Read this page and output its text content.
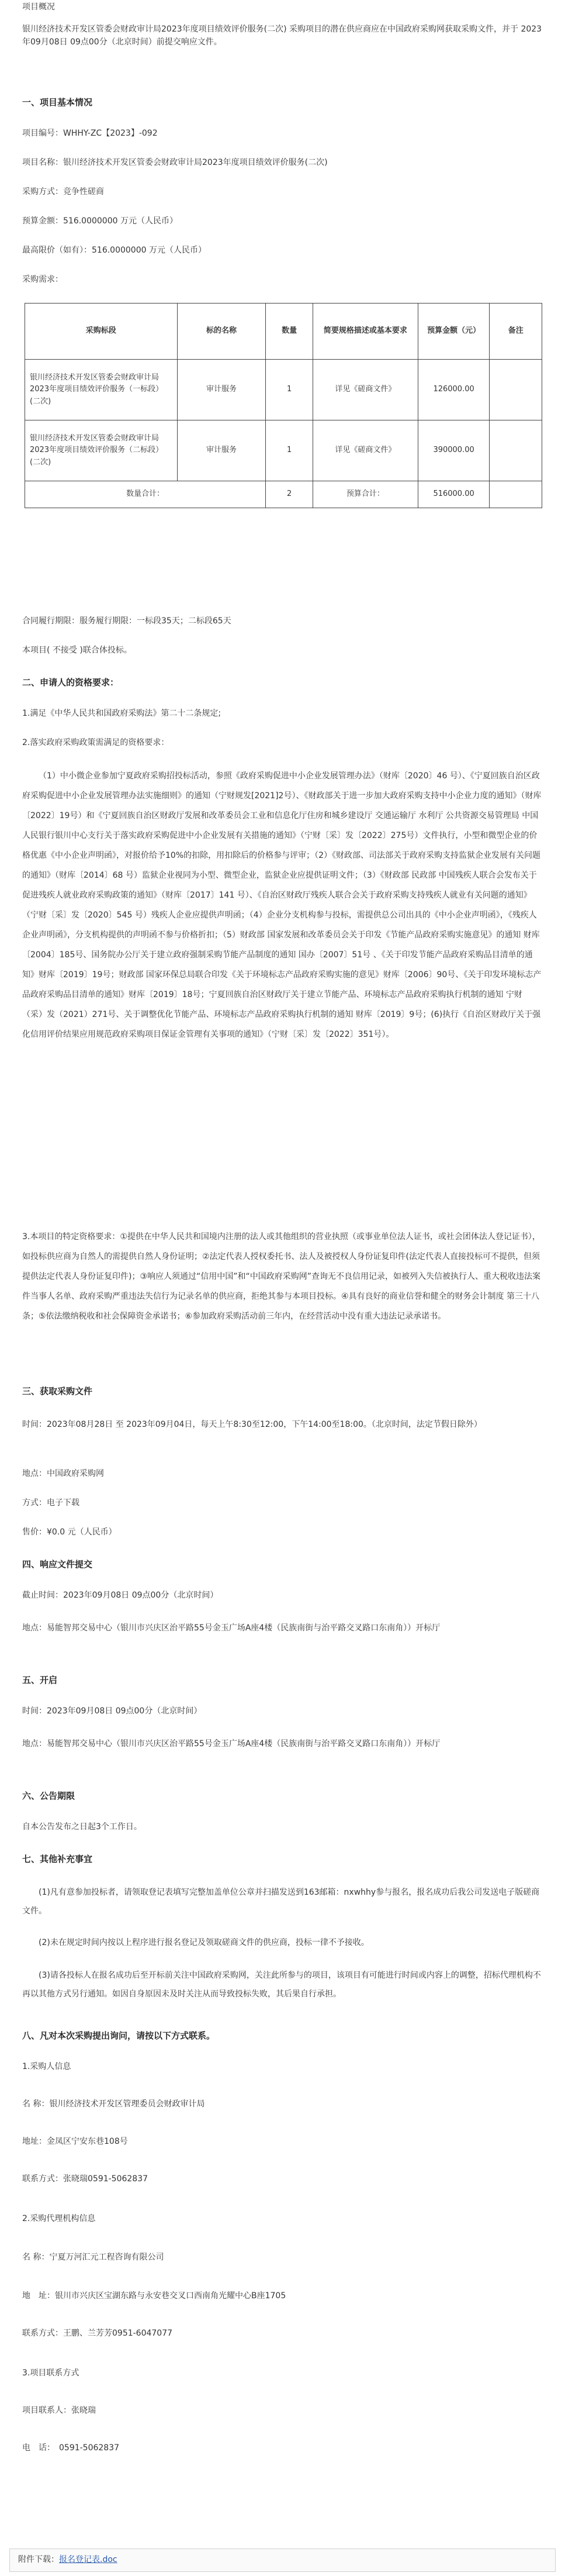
项目概况

银川经济技术开发区管委会财政审计局2023年度项目绩效评价服务(二次) 采购项目的潜在供应商应在中国政府采购网获取采购文件，并于 2023年09月08日 09点00分（北京时间）前提交响应文件。

一、项目基本情况

项目编号：WHHY-ZC【2023】-092

项目名称：银川经济技术开发区管委会财政审计局2023年度项目绩效评价服务(二次)

采购方式：竞争性磋商

预算金额：516.0000000 万元（人民币）

最高限价（如有）：516.0000000 万元（人民币）

采购需求：

采购标段	标的名称	数量	简要规格描述或基本要求	预算金额（元）	备注
银川经济技术开发区管委会财政审计局2023年度项目绩效评价服务（一标段）(二次)	审计服务	1	详见《磋商文件》	126000.00	
银川经济技术开发区管委会财政审计局2023年度项目绩效评价服务（二标段）(二次)	审计服务	1	详见《磋商文件》	390000.00	
数量合计：		2	预算合计：	516000.00	

合同履行期限：服务履行期限：一标段35天；二标段65天

本项目( 不接受 )联合体投标。

二、申请人的资格要求：

1.满足《中华人民共和国政府采购法》第二十二条规定;

2.落实政府采购政策需满足的资格要求：

（1）中小微企业参加宁夏政府采购招投标活动，参照《政府采购促进中小企业发展管理办法》（财库〔2020〕46 号）、《宁夏回族自治区政府采购促进中小企业发展管理办法实施细则》的通知（宁财规发[2021]2号）、《财政部关于进一步加大政府采购支持中小企业力度的通知》（财库〔2022〕19号）和《宁夏回族自治区财政厅发展和改革委员会工业和信息化厅住房和城乡建设厅 交通运输厅 水利厅 公共资源交易管理局 中国人民银行银川中心支行关于落实政府采购促进中小企业发展有关措施的通知》（宁财〔采〕发〔2022〕275号）文件执行，小型和微型企业的价格优惠《中小企业声明函》，对报价给予10%的扣除，用扣除后的价格参与评审；（2）《财政部、司法部关于政府采购支持监狱企业发展有关问题的通知》（财库〔2014〕68 号）监狱企业视同为小型、微型企业，监狱企业应提供证明文件；（3）《财政部 民政部 中国残疾人联合会发布关于促进残疾人就业政府采购政策的通知》（财库〔2017〕141 号）、《自治区财政厅残疾人联合会关于政府采购支持残疾人就业有关问题的通知》（宁财〔采〕发〔2020〕545 号）残疾人企业应提供声明函；（4）企业分支机构参与投标，需提供总公司出具的《中小企业声明函》，《残疾人企业声明函》，分支机构提供的声明函不参与价格折扣；（5）财政部 国家发展和改革委员会关于印发《节能产品政府采购实施意见》的通知 财库〔2004〕185号、国务院办公厅关于建立政府强制采购节能产品制度的通知 国办〔2007〕51号 、《关于印发节能产品政府采购品目清单的通知》财库〔2019〕19号；财政部 国家环保总局联合印发《关于环境标志产品政府采购实施的意见》财库〔2006〕90号、《关于印发环境标志产品政府采购品目清单的通知》财库〔2019〕18号；宁夏回族自治区财政厅关于建立节能产品、环境标志产品政府采购执行机制的通知 宁财（采）发（2021）271号、关于调整优化节能产品、环境标志产品政府采购执行机制的通知 财库〔2019〕9号；(6)执行《自治区财政厅关于强化信用评价结果应用规范政府采购项目保证金管理有关事项的通知》（宁财〔采〕发〔2022〕351号）。

3.本项目的特定资格要求：①提供在中华人民共和国境内注册的法人或其他组织的营业执照（或事业单位法人证书，或社会团体法人登记证书），如投标供应商为自然人的需提供自然人身份证明；②法定代表人授权委托书、法人及被授权人身份证复印件(法定代表人直接投标可不提供，但须提供法定代表人身份证复印件)；③响应人须通过“信用中国”和“中国政府采购网”查询无不良信用记录，如被列入失信被执行人、重大税收违法案件当事人名单、政府采购严重违法失信行为记录名单的供应商，拒绝其参与本项目投标。④具有良好的商业信誉和健全的财务会计制度 第三十八条；⑤依法缴纳税收和社会保障资金承诺书；⑥参加政府采购活动前三年内，在经营活动中没有重大违法记录承诺书。

三、获取采购文件

时间：2023年08月28日 至 2023年09月04日，每天上午8:30至12:00，下午14:00至18:00。（北京时间，法定节假日除外）

地点：中国政府采购网

方式：电子下载

售价：¥0.0 元（人民币）

四、响应文件提交

截止时间：2023年09月08日 09点00分（北京时间）

地点：易能智邦交易中心（银川市兴庆区治平路55号金玉广场A座4楼（民族南街与治平路交叉路口东南角））开标厅

五、开启

时间：2023年09月08日 09点00分（北京时间）

地点：易能智邦交易中心（银川市兴庆区治平路55号金玉广场A座4楼（民族南街与治平路交叉路口东南角））开标厅

六、公告期限

自本公告发布之日起3个工作日。

七、其他补充事宜

(1)凡有意参加投标者，请领取登记表填写完整加盖单位公章并扫描发送到163邮箱：nxwhhy参与报名，报名成功后我公司发送电子版磋商文件。

(2)未在规定时间内按以上程序进行报名登记及领取磋商文件的供应商，投标一律不予接收。

(3)请各投标人在报名成功后至开标前关注中国政府采购网，关注此所参与的项目，该项目有可能进行时间或内容上的调整，招标代理机构不再以其他方式另行通知。如因自身原因未及时关注从而导致投标失败，其后果自行承担。

八、凡对本次采购提出询问，请按以下方式联系。

1.采购人信息

名 称：银川经济技术开发区管理委员会财政审计局

地址：金凤区宁安东巷108号

联系方式：张晓瑞0591-5062837

2.采购代理机构信息

名 称：宁夏万河汇元工程咨询有限公司

地　址：银川市兴庆区宝湖东路与永安巷交叉口西南角光耀中心B座1705

联系方式：王鹏、兰芳芳0951-6047077

3.项目联系方式

项目联系人：张晓瑞

电　话：　0591-5062837

附件下载：报名登记表.doc
